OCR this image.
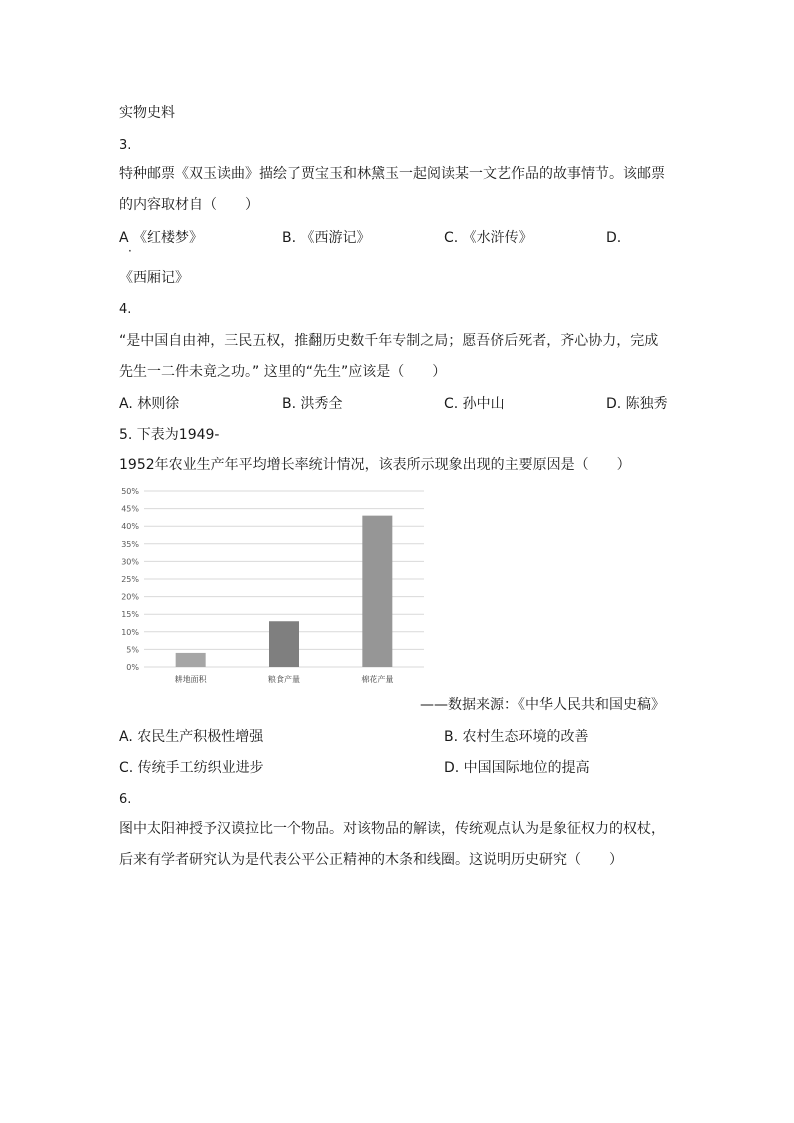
实物史料
3.
特种邮票《双玉读曲》描绘了贾宝玉和林黛玉一起阅读某一文艺作品的故事情节。该邮票
的内容取材自（　　）
A 《红楼梦》	B. 《西游记》	C. 《水浒传》	D.
·
《西厢记》
4.
“是中国自由神，三民五权，推翻历史数千年专制之局；愿吾侪后死者，齐心协力，完成
先生一二件未竟之功。” 这里的“先生”应该是（　　）
A. 林则徐	B. 洪秀全	C. 孙中山	D. 陈独秀
5. 下表为1949-
1952年农业生产年平均增长率统计情况，该表所示现象出现的主要原因是（　　）
0%
5%
10%
15%
20%
25%
30%
35%
40%
45%
50%
耕地面积	粮食产量	棉花产量
——数据来源：《中华人民共和国史稿》
A. 农民生产积极性增强	B. 农村生态环境的改善
C. 传统手工纺织业进步	D. 中国国际地位的提高
6.
图中太阳神授予汉谟拉比一个物品。对该物品的解读，传统观点认为是象征权力的权杖，
后来有学者研究认为是代表公平公正精神的木条和线圈。这说明历史研究（　　）
